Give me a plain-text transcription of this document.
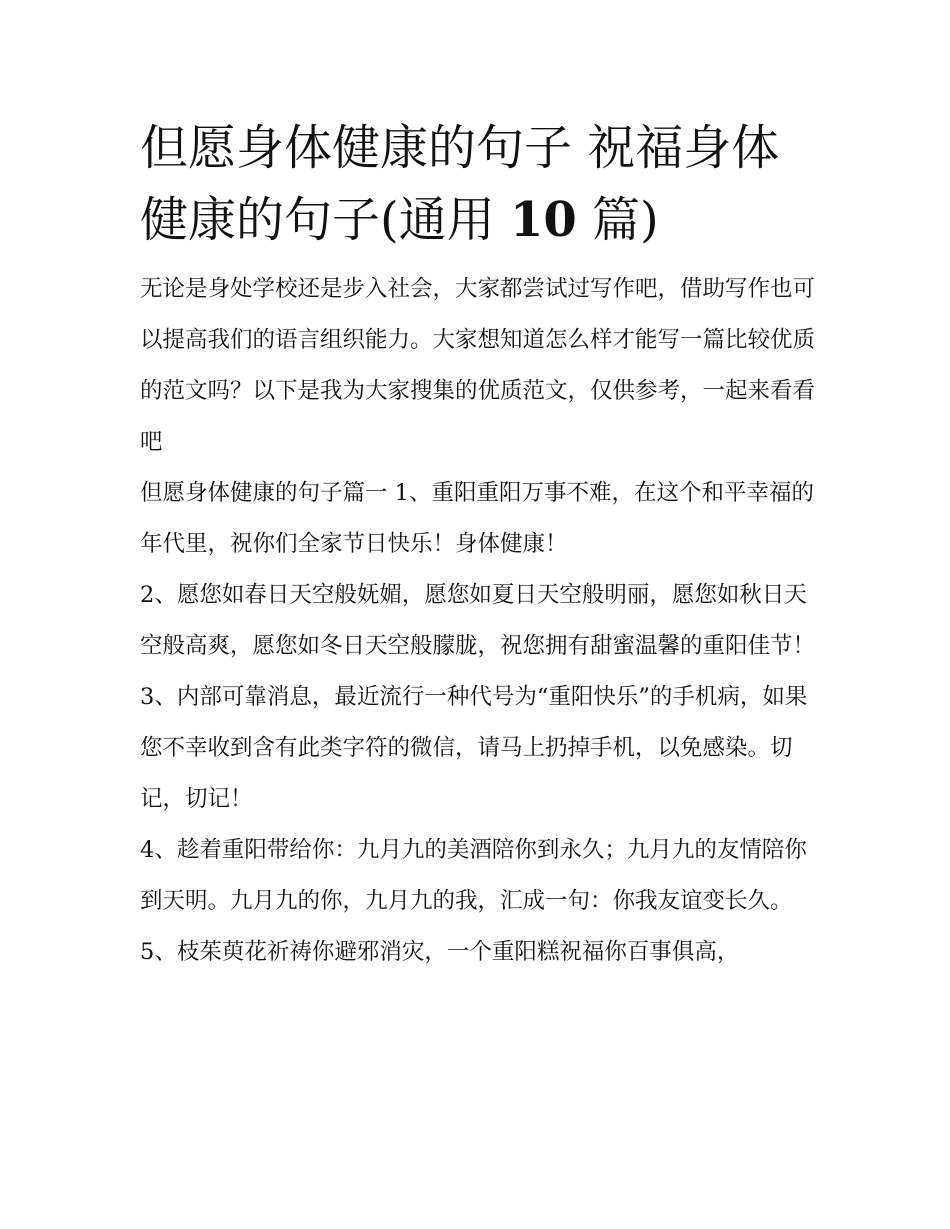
但愿身体健康的句子 祝福身体健康的句子(通用 10 篇)

无论是身处学校还是步入社会，大家都尝试过写作吧，借助写作也可以提高我们的语言组织能力。大家想知道怎么样才能写一篇比较优质的范文吗？以下是我为大家搜集的优质范文，仅供参考，一起来看看吧

但愿身体健康的句子篇一 1、重阳重阳万事不难，在这个和平幸福的年代里，祝你们全家节日快乐！身体健康！

2、愿您如春日天空般妩媚，愿您如夏日天空般明丽，愿您如秋日天空般高爽，愿您如冬日天空般朦胧，祝您拥有甜蜜温馨的重阳佳节！

3、内部可靠消息，最近流行一种代号为“重阳快乐”的手机病，如果您不幸收到含有此类字符的微信，请马上扔掉手机，以免感染。切记，切记！

4、趁着重阳带给你：九月九的美酒陪你到永久；九月九的友情陪你到天明。九月九的你，九月九的我，汇成一句：你我友谊变长久。

5、枝茱萸花祈祷你避邪消灾，一个重阳糕祝福你百事俱高，
